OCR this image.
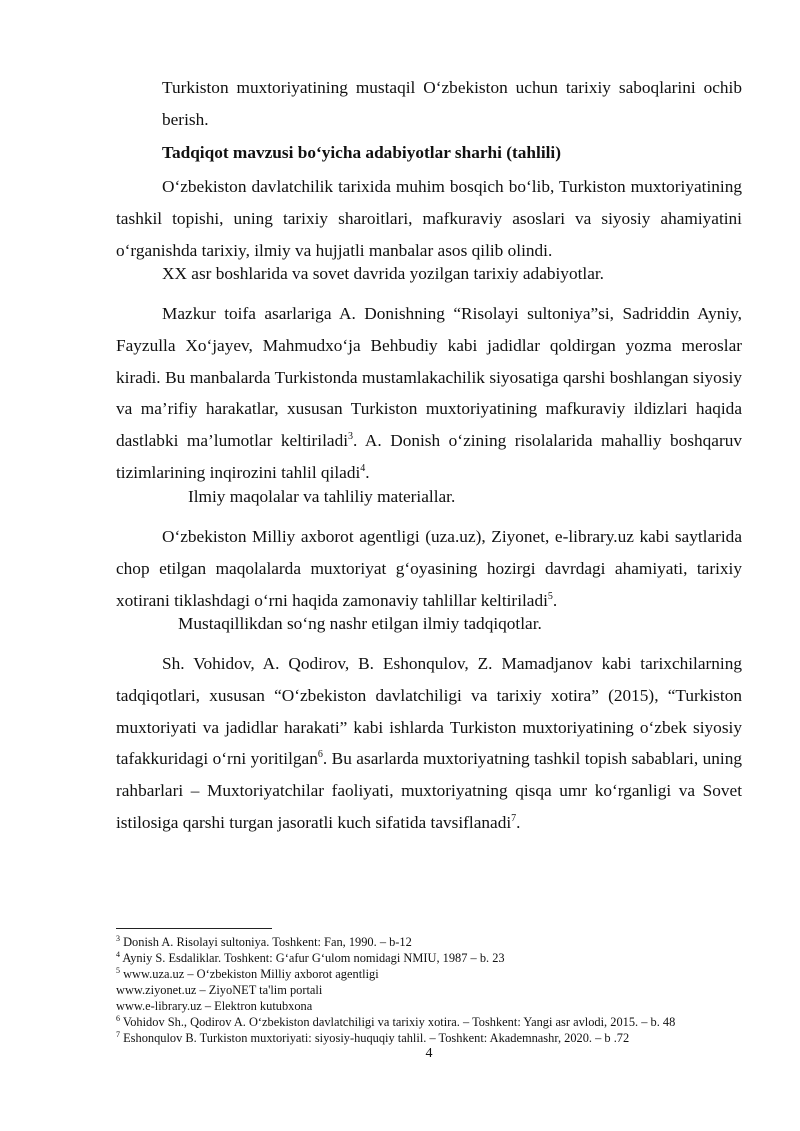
Turkiston muxtoriyatining mustaqil O‘zbekiston uchun tarixiy saboqlarini ochib berish.

Tadqiqot mavzusi bo‘yicha adabiyotlar sharhi (tahlili)

O‘zbekiston davlatchilik tarixida muhim bosqich bo‘lib, Turkiston muxtoriyatining tashkil topishi, uning tarixiy sharoitlari, mafkuraviy asoslari va siyosiy ahamiyatini o‘rganishda tarixiy, ilmiy va hujjatli manbalar asos qilib olindi.

XX asr boshlarida va sovet davrida yozilgan tarixiy adabiyotlar.

Mazkur toifa asarlariga A. Donishning “Risolayi sultoniya”si, Sadriddin Ayniy, Fayzulla Xo‘jayev, Mahmudxo‘ja Behbudiy kabi jadidlar qoldirgan yozma meroslar kiradi. Bu manbalarda Turkistonda mustamlakachilik siyosatiga qarshi boshlangan siyosiy va ma’rifiy harakatlar, xususan Turkiston muxtoriyatining mafkuraviy ildizlari haqida dastlabki ma’lumotlar keltiriladi$^3$. A. Donish o‘zining risolalarida mahalliy boshqaruv tizimlarining inqirozini tahlil qiladi$^4$.

Ilmiy maqolalar va tahliliy materiallar.

O‘zbekiston Milliy axborot agentligi (uza.uz), Ziyonet, e-library.uz kabi saytlarida chop etilgan maqolalarda muxtoriyat g‘oyasining hozirgi davrdagi ahamiyati, tarixiy xotirani tiklashdagi o‘rni haqida zamonaviy tahlillar keltiriladi$^5$.

Mustaqillikdan so‘ng nashr etilgan ilmiy tadqiqotlar.

Sh. Vohidov, A. Qodirov, B. Eshonqulov, Z. Mamadjanov kabi tarixchilarning tadqiqotlari, xususan “O‘zbekiston davlatchiligi va tarixiy xotira” (2015), “Turkiston muxtoriyati va jadidlar harakati” kabi ishlarda Turkiston muxtoriyatining o‘zbek siyosiy tafakkuridagi o‘rni yoritilgan$^6$. Bu asarlarda muxtoriyatning tashkil topish sabablari, uning rahbarlari – Muxtoriyatchilar faoliyati, muxtoriyatning qisqa umr ko‘rganligi va Sovet istilosiga qarshi turgan jasoratli kuch sifatida tavsiflanadi$^7$.

$^3$ Donish A. Risolayi sultoniya. Toshkent: Fan, 1990. – b-12

$^4$ Ayniy S. Esdaliklar. Toshkent: G‘afur G‘ulom nomidagi NMIU, 1987 – b. 23

$^5$ www.uza.uz – O‘zbekiston Milliy axborot agentligi

www.ziyonet.uz – ZiyoNET ta'lim portali

www.e-library.uz – Elektron kutubxona

$^6$ Vohidov Sh., Qodirov A. O‘zbekiston davlatchiligi va tarixiy xotira. – Toshkent: Yangi asr avlodi, 2015. – b. 48

$^7$ Eshonqulov B. Turkiston muxtoriyati: siyosiy-huquqiy tahlil. – Toshkent: Akademnashr, 2020. – b .72

4
